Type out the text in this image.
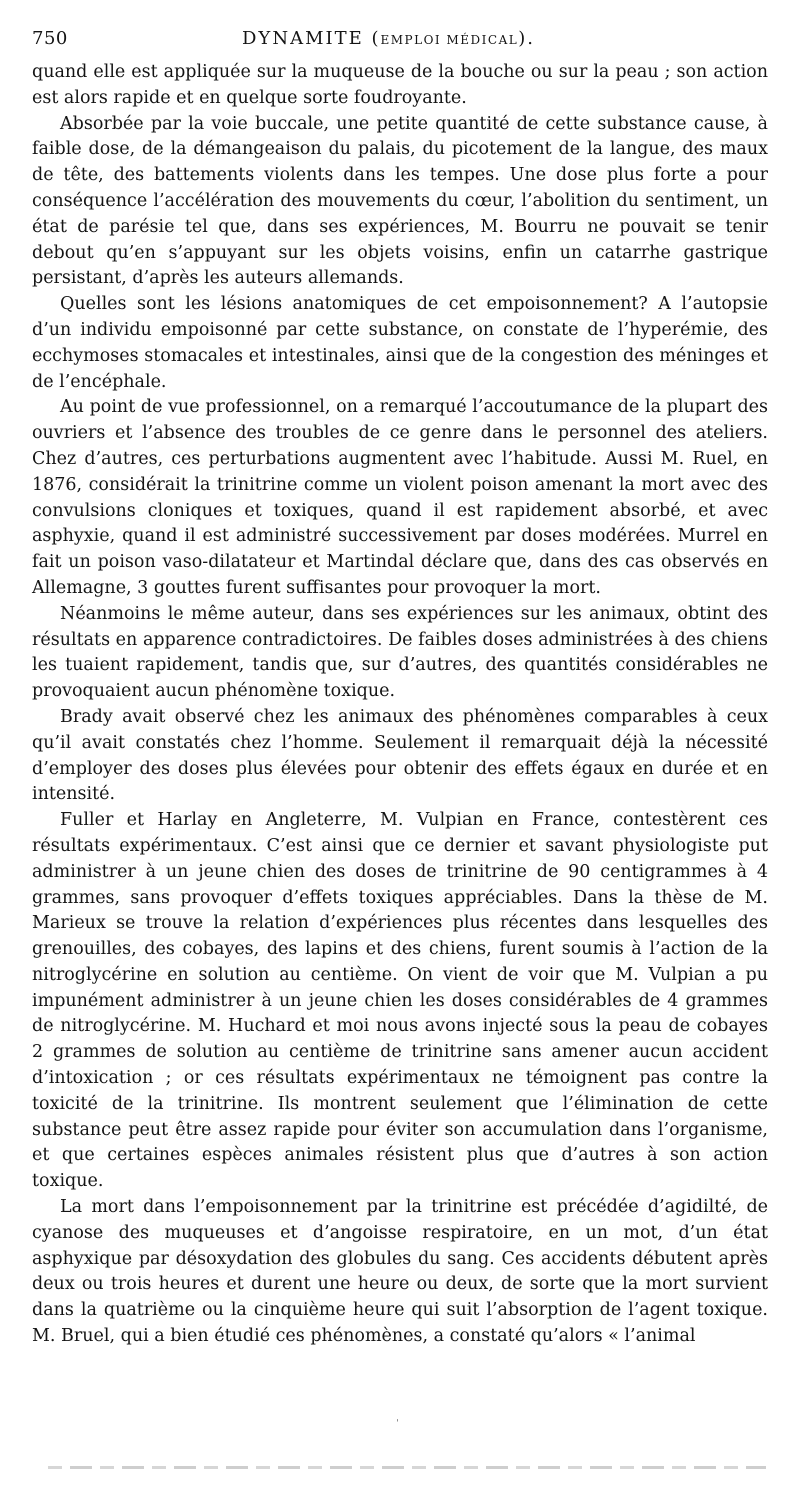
750	DYNAMITE (EMPLOI MÉDICAL).

quand elle est appliquée sur la muqueuse de la bouche ou sur la peau ; son action est alors rapide et en quelque sorte foudroyante.

Absorbée par la voie buccale, une petite quantité de cette substance cause, à faible dose, de la démangeaison du palais, du picotement de la langue, des maux de tête, des battements violents dans les tempes. Une dose plus forte a pour conséquence l’accélération des mouvements du cœur, l’abolition du sentiment, un état de parésie tel que, dans ses expériences, M. Bourru ne pouvait se tenir debout qu’en s’appuyant sur les objets voisins, enfin un catarrhe gastrique persistant, d’après les auteurs allemands.

Quelles sont les lésions anatomiques de cet empoisonnement? A l’autopsie d’un individu empoisonné par cette substance, on constate de l’hyperémie, des ecchymoses stomacales et intestinales, ainsi que de la congestion des méninges et de l’encéphale.

Au point de vue professionnel, on a remarqué l’accoutumance de la plupart des ouvriers et l’absence des troubles de ce genre dans le personnel des ateliers. Chez d’autres, ces perturbations augmentent avec l’habitude. Aussi M. Ruel, en 1876, considérait la trinitrine comme un violent poison amenant la mort avec des convulsions cloniques et toxiques, quand il est rapidement absorbé, et avec asphyxie, quand il est administré successivement par doses modérées. Murrel en fait un poison vaso-dilatateur et Martindal déclare que, dans des cas observés en Allemagne, 3 gouttes furent suffisantes pour provoquer la mort.

Néanmoins le même auteur, dans ses expériences sur les animaux, obtint des résultats en apparence contradictoires. De faibles doses administrées à des chiens les tuaient rapidement, tandis que, sur d’autres, des quantités considérables ne provoquaient aucun phénomène toxique.

Brady avait observé chez les animaux des phénomènes comparables à ceux qu’il avait constatés chez l’homme. Seulement il remarquait déjà la nécessité d’employer des doses plus élevées pour obtenir des effets égaux en durée et en intensité.

Fuller et Harlay en Angleterre, M. Vulpian en France, contestèrent ces résultats expérimentaux. C’est ainsi que ce dernier et savant physiologiste put administrer à un jeune chien des doses de trinitrine de 90 centigrammes à 4 grammes, sans provoquer d’effets toxiques appréciables. Dans la thèse de M. Marieux se trouve la relation d’expériences plus récentes dans lesquelles des grenouilles, des cobayes, des lapins et des chiens, furent soumis à l’action de la nitroglycérine en solution au centième. On vient de voir que M. Vulpian a pu impunément administrer à un jeune chien les doses considérables de 4 grammes de nitroglycérine. M. Huchard et moi nous avons injecté sous la peau de cobayes 2 grammes de solution au centième de trinitrine sans amener aucun accident d’intoxication ; or ces résultats expérimentaux ne témoignent pas contre la toxicité de la trinitrine. Ils montrent seulement que l’élimination de cette substance peut être assez rapide pour éviter son accumulation dans l’organisme, et que certaines espèces animales résistent plus que d’autres à son action toxique.

La mort dans l’empoisonnement par la trinitrine est précédée d’agidilté, de cyanose des muqueuses et d’angoisse respiratoire, en un mot, d’un état asphyxique par désoxydation des globules du sang. Ces accidents débutent après deux ou trois heures et durent une heure ou deux, de sorte que la mort survient dans la quatrième ou la cinquième heure qui suit l’absorption de l’agent toxique. M. Bruel, qui a bien étudié ces phénomènes, a constaté qu’alors « l’animal

ˌ
